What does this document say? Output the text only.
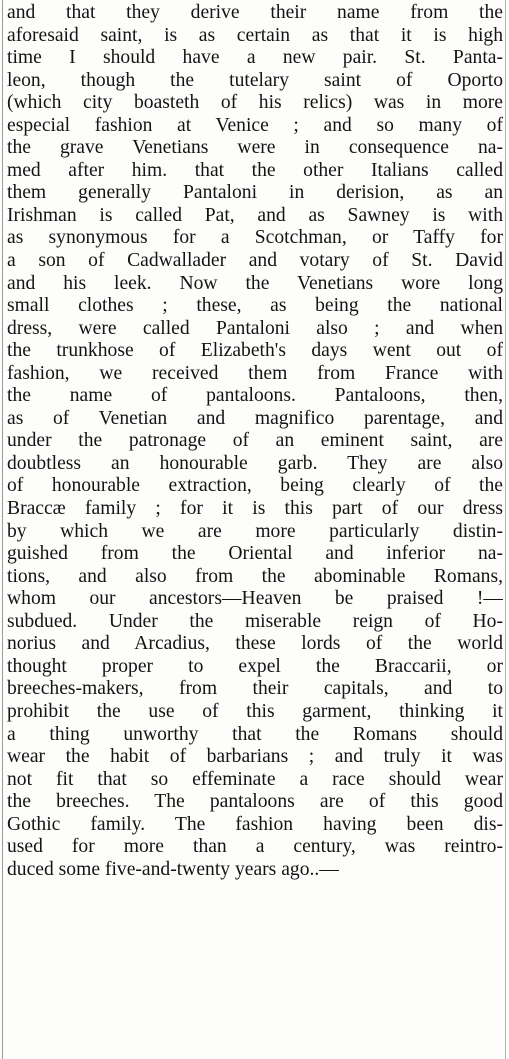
and that they derive their name from the
aforesaid saint, is as certain as that it is high
time I should have a new pair. St. Panta-
leon, though the tutelary saint of Oporto
(which city boasteth of his relics) was in more
especial fashion at Venice ; and so many of
the grave Venetians were in consequence na-
med after him. that the other Italians called
them generally Pantaloni in derision, as an
Irishman is called Pat, and as Sawney is with
as synonymous for a Scotchman, or Taffy for
a son of Cadwallader and votary of St. David
and his leek. Now the Venetians wore long
small clothes ; these, as being the national
dress, were called Pantaloni also ; and when
the trunkhose of Elizabeth's days went out of
fashion, we received them from France with
the name of pantaloons. Pantaloons, then,
as of Venetian and magnifico parentage, and
under the patronage of an eminent saint, are
doubtless an honourable garb. They are also
of honourable extraction, being clearly of the
Braccæ family ; for it is this part of our dress
by which we are more particularly distin-
guished from the Oriental and inferior na-
tions, and also from the abominable Romans,
whom our ancestors—Heaven be praised !—
subdued. Under the miserable reign of Ho-
norius and Arcadius, these lords of the world
thought proper to expel the Braccarii, or
breeches-makers, from their capitals, and to
prohibit the use of this garment, thinking it
a thing unworthy that the Romans should
wear the habit of barbarians ; and truly it was
not fit that so effeminate a race should wear
the breeches. The pantaloons are of this good
Gothic family. The fashion having been dis-
used for more than a century, was reintro-
duced some five-and-twenty years ago..—
